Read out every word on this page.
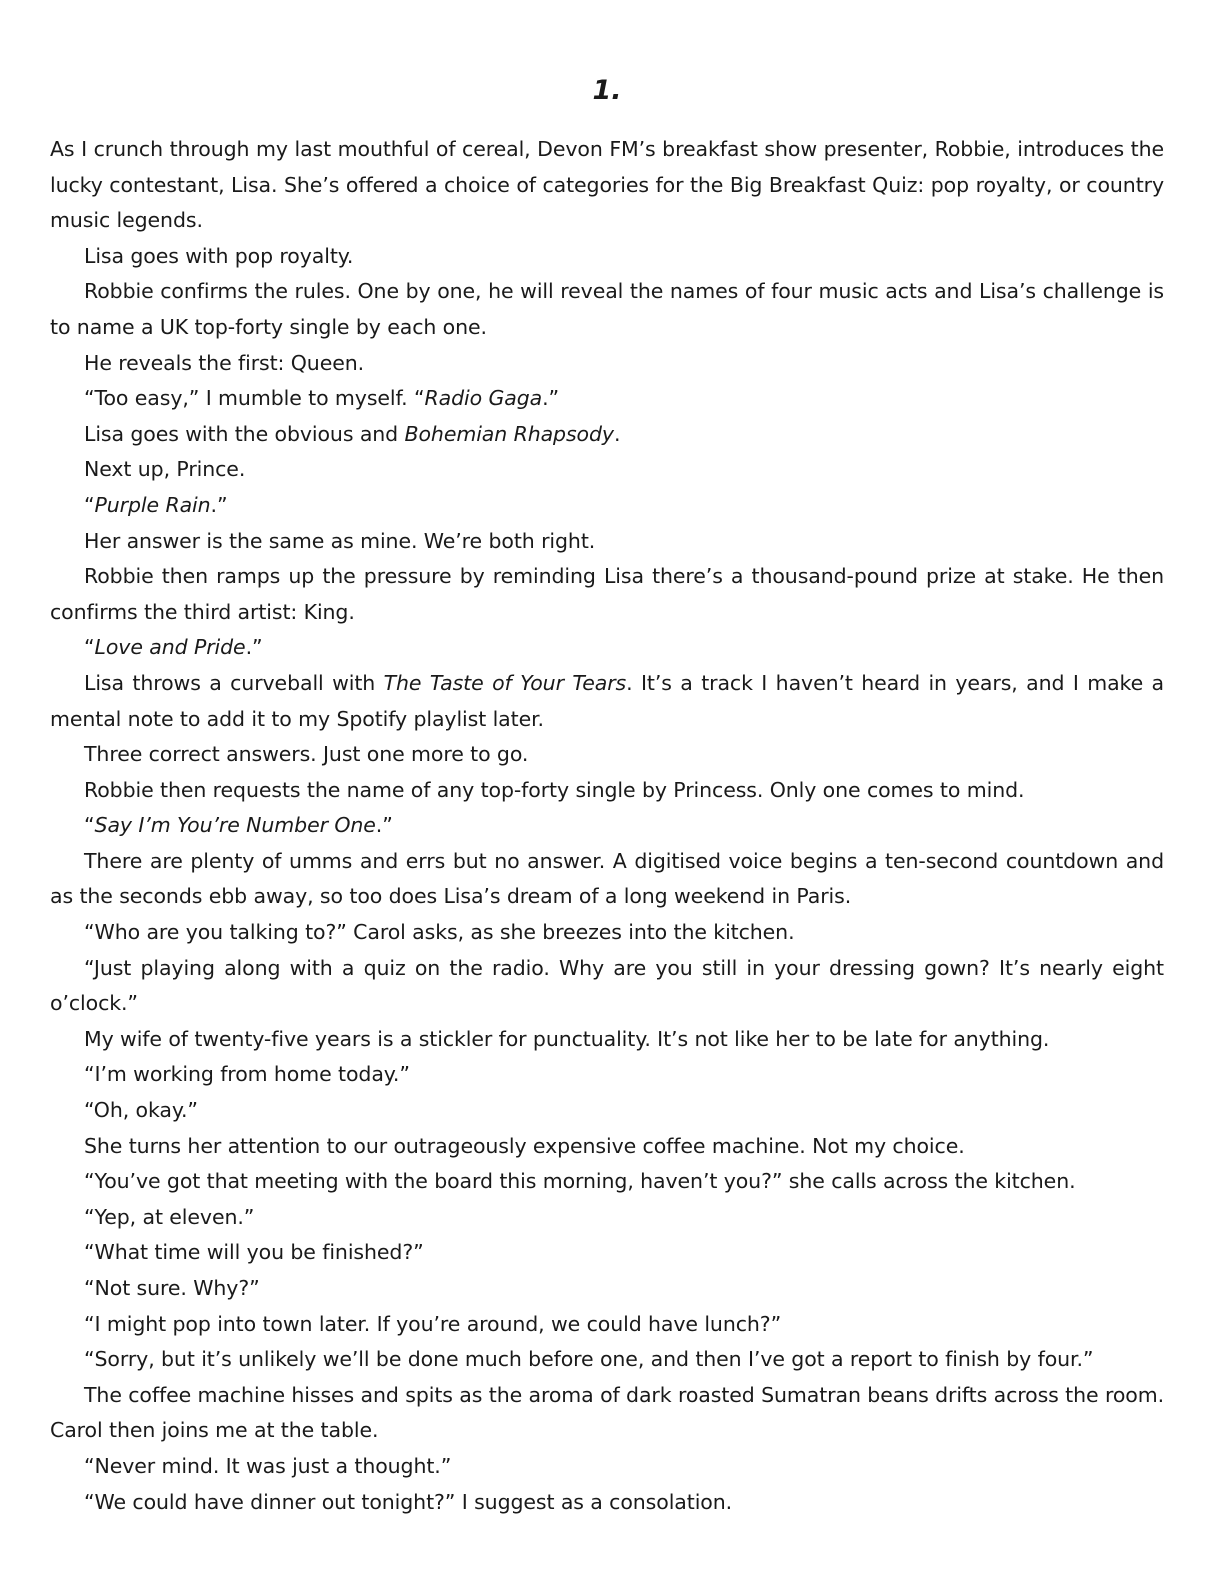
1.

As I crunch through my last mouthful of cereal, Devon FM’s breakfast show presenter, Robbie, introduces the lucky contestant, Lisa. She’s offered a choice of categories for the Big Breakfast Quiz: pop royalty, or country music legends.

Lisa goes with pop royalty.

Robbie confirms the rules. One by one, he will reveal the names of four music acts and Lisa’s challenge is to name a UK top-forty single by each one.

He reveals the first: Queen.

“Too easy,” I mumble to myself. “Radio Gaga.”

Lisa goes with the obvious and Bohemian Rhapsody.

Next up, Prince.

“Purple Rain.”

Her answer is the same as mine. We’re both right.

Robbie then ramps up the pressure by reminding Lisa there’s a thousand-pound prize at stake. He then confirms the third artist: King.

“Love and Pride.”

Lisa throws a curveball with The Taste of Your Tears. It’s a track I haven’t heard in years, and I make a mental note to add it to my Spotify playlist later.

Three correct answers. Just one more to go.

Robbie then requests the name of any top-forty single by Princess. Only one comes to mind.

“Say I’m You’re Number One.”

There are plenty of umms and errs but no answer. A digitised voice begins a ten-second countdown and as the seconds ebb away, so too does Lisa’s dream of a long weekend in Paris.

“Who are you talking to?” Carol asks, as she breezes into the kitchen.

“Just playing along with a quiz on the radio. Why are you still in your dressing gown? It’s nearly eight o’clock.”

My wife of twenty-five years is a stickler for punctuality. It’s not like her to be late for anything.

“I’m working from home today.”

“Oh, okay.”

She turns her attention to our outrageously expensive coffee machine. Not my choice.

“You’ve got that meeting with the board this morning, haven’t you?” she calls across the kitchen.

“Yep, at eleven.”

“What time will you be finished?”

“Not sure. Why?”

“I might pop into town later. If you’re around, we could have lunch?”

“Sorry, but it’s unlikely we’ll be done much before one, and then I’ve got a report to finish by four.”

The coffee machine hisses and spits as the aroma of dark roasted Sumatran beans drifts across the room. Carol then joins me at the table.

“Never mind. It was just a thought.”

“We could have dinner out tonight?” I suggest as a consolation.
